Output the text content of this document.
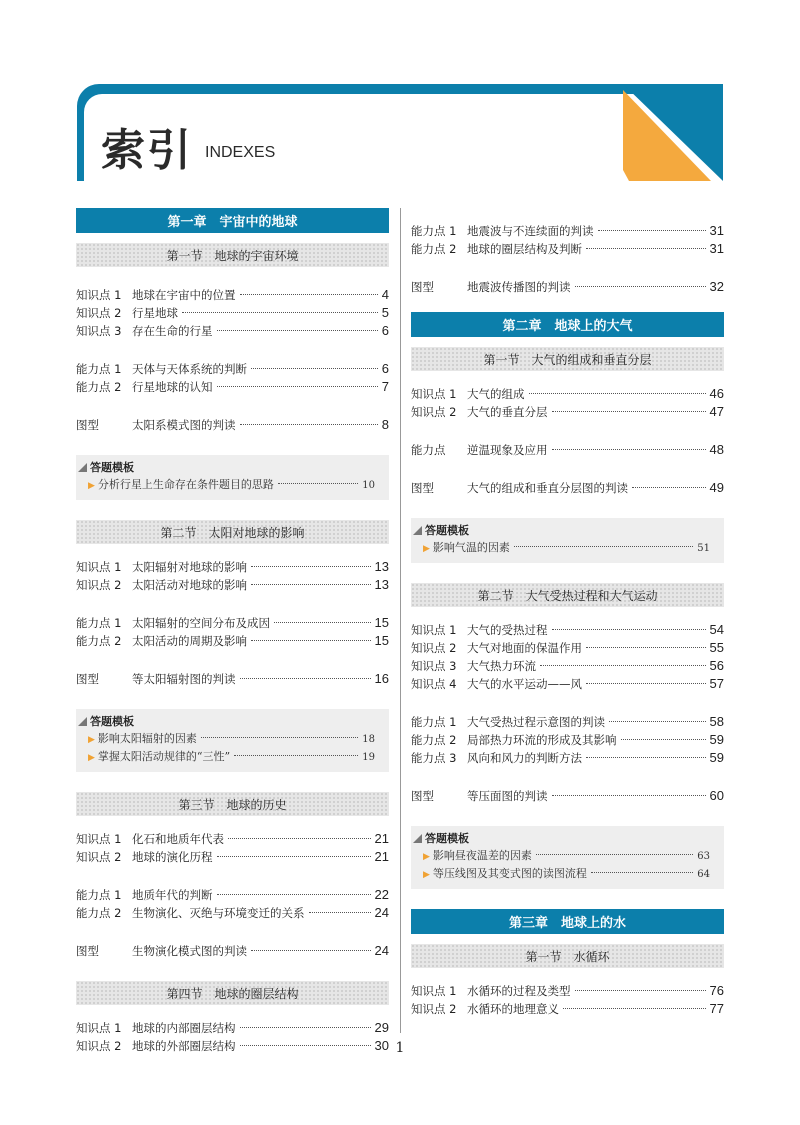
索引 INDEXES
第一章　宇宙中的地球
第一节　地球的宇宙环境
知识点 1 地球在宇宙中的位置	4
知识点 2 行星地球	5
知识点 3 存在生命的行星	6
能力点 1 天体与天体系统的判断	6
能力点 2 行星地球的认知	7
图型	太阳系模式图的判读	8
答题模板
▶ 分析行星上生命存在条件题目的思路	10
第二节　太阳对地球的影响
知识点 1 太阳辐射对地球的影响	13
知识点 2 太阳活动对地球的影响	13
能力点 1 太阳辐射的空间分布及成因	15
能力点 2 太阳活动的周期及影响	15
图型	等太阳辐射图的判读	16
答题模板
▶ 影响太阳辐射的因素	18
▶ 掌握太阳活动规律的“三性”	19
第三节　地球的历史
知识点 1 化石和地质年代表	21
知识点 2 地球的演化历程	21
能力点 1 地质年代的判断	22
能力点 2 生物演化、灭绝与环境变迁的关系	24
图型	生物演化模式图的判读	24
第四节　地球的圈层结构
知识点 1 地球的内部圈层结构	29
知识点 2 地球的外部圈层结构	30
能力点 1 地震波与不连续面的判读	31
能力点 2 地球的圈层结构及判断	31
图型	地震波传播图的判读	32
第二章　地球上的大气
第一节　大气的组成和垂直分层
知识点 1 大气的组成	46
知识点 2 大气的垂直分层	47
能力点	逆温现象及应用	48
图型	大气的组成和垂直分层图的判读	49
答题模板
▶ 影响气温的因素	51
第二节　大气受热过程和大气运动
知识点 1 大气的受热过程	54
知识点 2 大气对地面的保温作用	55
知识点 3 大气热力环流	56
知识点 4 大气的水平运动——风	57
能力点 1 大气受热过程示意图的判读	58
能力点 2 局部热力环流的形成及其影响	59
能力点 3 风向和风力的判断方法	59
图型	等压面图的判读	60
答题模板
▶ 影响昼夜温差的因素	63
▶ 等压线图及其变式图的读图流程	64
第三章　地球上的水
第一节　水循环
知识点 1 水循环的过程及类型	76
知识点 2 水循环的地理意义	77
1
